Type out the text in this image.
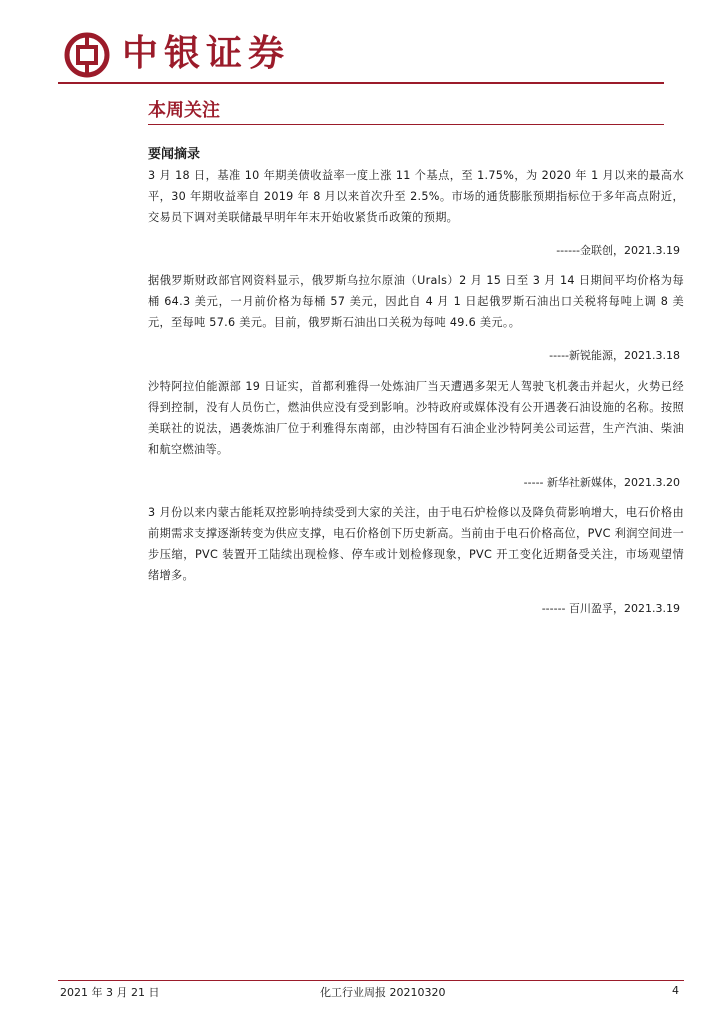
中银证券
本周关注
要闻摘录

3 月 18 日，基准 10 年期美债收益率一度上涨 11 个基点，至 1.75%，为 2020 年 1 月以来的最高水平，30 年期收益率自 2019 年 8 月以来首次升至 2.5%。市场的通货膨胀预期指标位于多年高点附近，交易员下调对美联储最早明年年末开始收紧货币政策的预期。

------金联创，2021.3.19

据俄罗斯财政部官网资料显示，俄罗斯乌拉尔原油（Urals）2 月 15 日至 3 月 14 日期间平均价格为每桶 64.3 美元，一月前价格为每桶 57 美元，因此自 4 月 1 日起俄罗斯石油出口关税将每吨上调 8 美元，至每吨 57.6 美元。目前，俄罗斯石油出口关税为每吨 49.6 美元。。

-----新锐能源，2021.3.18

沙特阿拉伯能源部 19 日证实，首都利雅得一处炼油厂当天遭遇多架无人驾驶飞机袭击并起火，火势已经得到控制，没有人员伤亡，燃油供应没有受到影响。沙特政府或媒体没有公开遇袭石油设施的名称。按照美联社的说法，遇袭炼油厂位于利雅得东南部，由沙特国有石油企业沙特阿美公司运营，生产汽油、柴油和航空燃油等。

----- 新华社新媒体，2021.3.20

3 月份以来内蒙古能耗双控影响持续受到大家的关注，由于电石炉检修以及降负荷影响增大，电石价格由前期需求支撑逐渐转变为供应支撑，电石价格创下历史新高。当前由于电石价格高位，PVC 利润空间进一步压缩，PVC 装置开工陆续出现检修、停车或计划检修现象，PVC 开工变化近期备受关注，市场观望情绪增多。

------ 百川盈孚，2021.3.19
2021 年 3 月 21 日	化工行业周报 20210320	4
